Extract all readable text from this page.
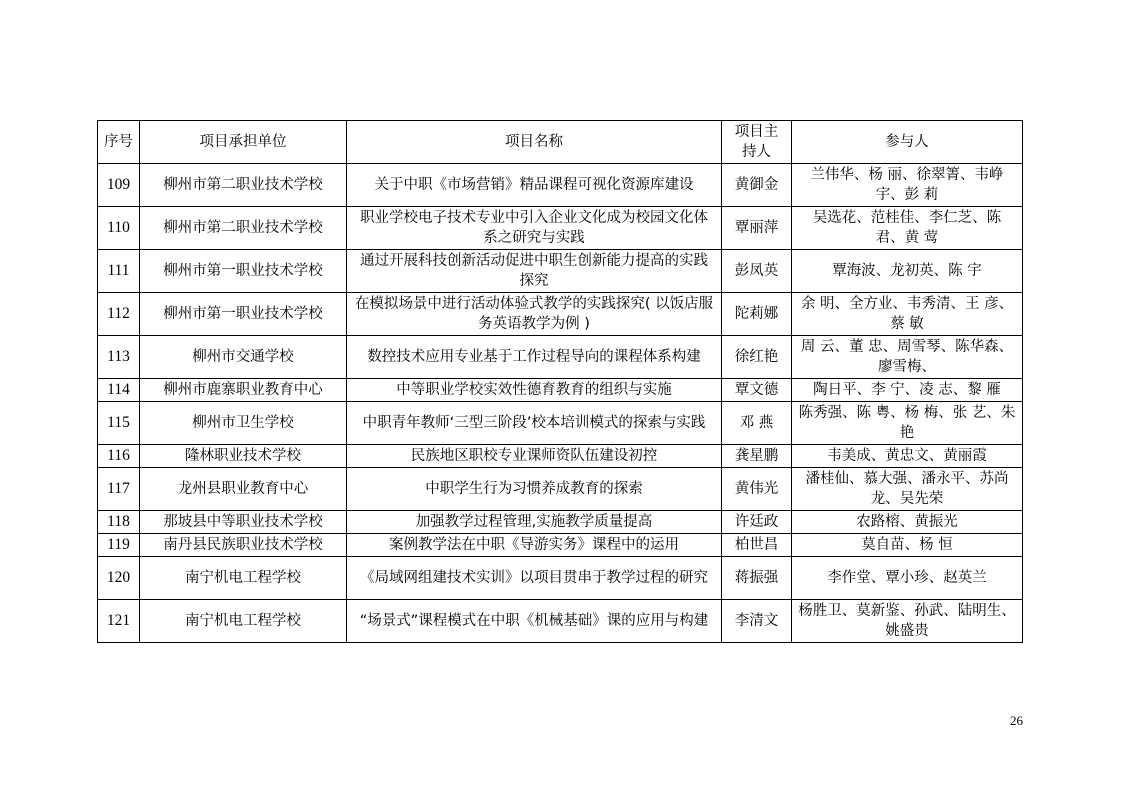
序号	项目承担单位	项目名称	项目主持人	参与人
109	柳州市第二职业技术学校	关于中职《市场营销》精品课程可视化资源库建设	黄御金	兰伟华、杨 丽、徐翠箐、韦峥宇、彭 莉
110	柳州市第二职业技术学校	职业学校电子技术专业中引入企业文化成为校园文化体系之研究与实践	覃丽萍	吴选花、范桂佳、李仁芝、陈 君、黄 莺
111	柳州市第一职业技术学校	通过开展科技创新活动促进中职生创新能力提高的实践探究	彭凤英	覃海波、龙初英、陈 宇
112	柳州市第一职业技术学校	在模拟场景中进行活动体验式教学的实践探究( 以饭店服务英语教学为例 )	陀莉娜	余 明、全方业、韦秀清、王 彦、蔡 敏
113	柳州市交通学校	数控技术应用专业基于工作过程导向的课程体系构建	徐红艳	周 云、董 忠、周雪琴、陈华森、廖雪梅、
114	柳州市鹿寨职业教育中心	中等职业学校实效性德育教育的组织与实施	覃文德	陶日平、李 宁、凌 志、黎 雁
115	柳州市卫生学校	中职青年教师‘三型三阶段’校本培训模式的探索与实践	邓 燕	陈秀强、陈 粤、杨 梅、张 艺、朱 艳
116	隆林职业技术学校	民族地区职校专业课师资队伍建设初控	龚星鹏	韦美成、黄忠文、黄丽霞
117	龙州县职业教育中心	中职学生行为习惯养成教育的探索	黄伟光	潘桂仙、慕大强、潘永平、苏尚龙、吴先荣
118	那坡县中等职业技术学校	加强教学过程管理,实施教学质量提高	许廷政	农路榕、黄振光
119	南丹县民族职业技术学校	案例教学法在中职《导游实务》课程中的运用	柏世昌	莫自苗、杨 恒
120	南宁机电工程学校	《局域网组建技术实训》以项目贯串于教学过程的研究	蒋振强	李作堂、覃小珍、赵英兰
121	南宁机电工程学校	“场景式”课程模式在中职《机械基础》课的应用与构建	李清文	杨胜卫、莫新鉴、孙武、陆明生、姚盛贵
26
